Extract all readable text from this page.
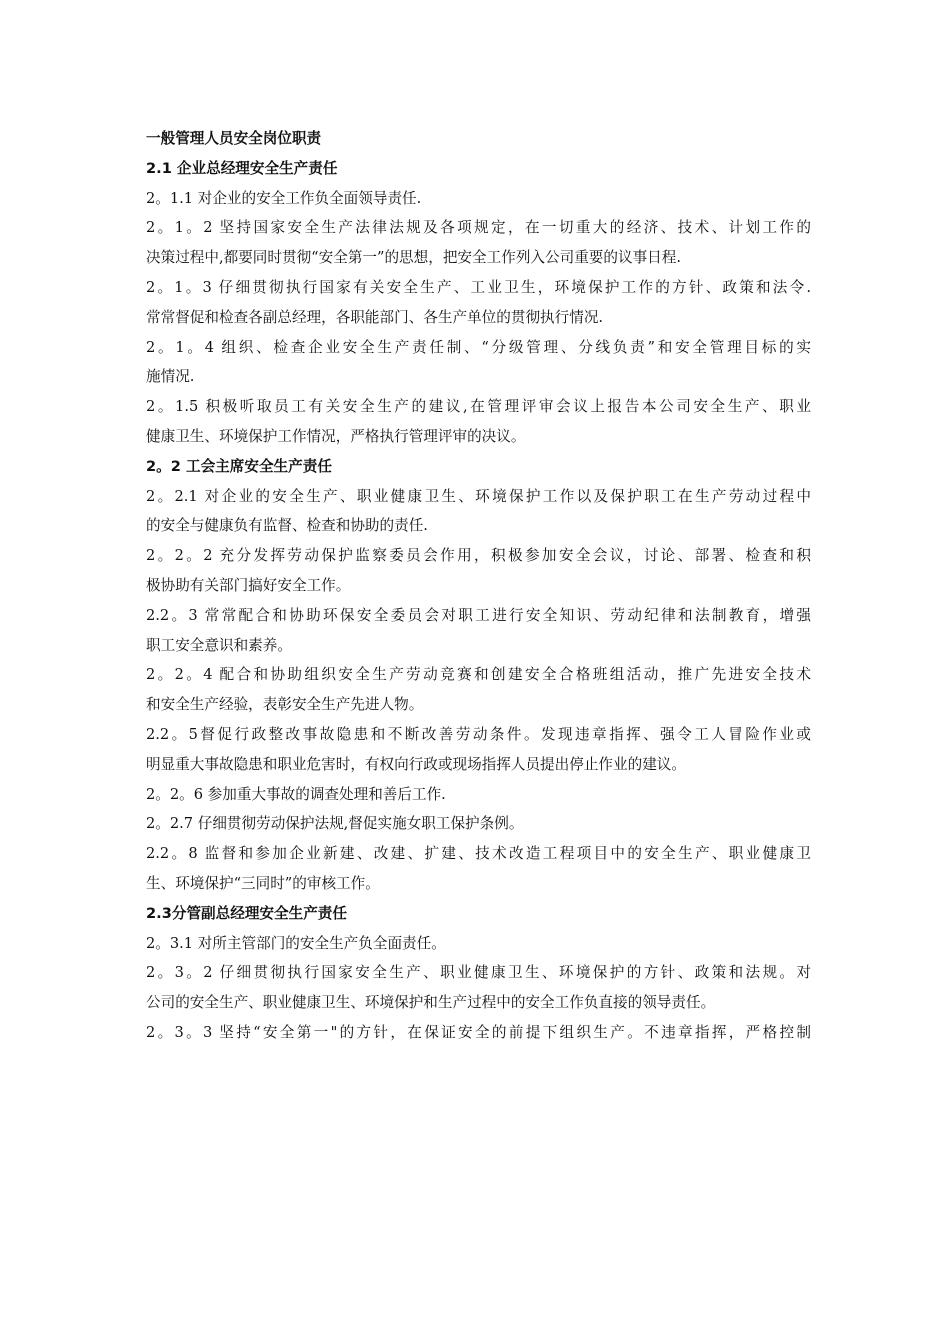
一般管理人员安全岗位职责
2.1 企业总经理安全生产责任
2。1.1 对企业的安全工作负全面领导责任.
2。1。2 坚持国家安全生产法律法规及各项规定，在一切重大的经济、技术、计划工作的
决策过程中,都要同时贯彻“安全第一”的思想，把安全工作列入公司重要的议事日程.
2。1。3 仔细贯彻执行国家有关安全生产、工业卫生，环境保护工作的方针、政策和法令.
常常督促和检查各副总经理，各职能部门、各生产单位的贯彻执行情况.
2。1。4 组织、检查企业安全生产责任制、“分级管理、分线负责”和安全管理目标的实
施情况.
2。1.5 积极听取员工有关安全生产的建议,在管理评审会议上报告本公司安全生产、职业
健康卫生、环境保护工作情况，严格执行管理评审的决议。
2。2 工会主席安全生产责任
2。2.1 对企业的安全生产、职业健康卫生、环境保护工作以及保护职工在生产劳动过程中
的安全与健康负有监督、检查和协助的责任.
2。2。2 充分发挥劳动保护监察委员会作用，积极参加安全会议，讨论、部署、检查和积
极协助有关部门搞好安全工作。
2.2。3 常常配合和协助环保安全委员会对职工进行安全知识、劳动纪律和法制教育，增强
职工安全意识和素养。
2。2。4 配合和协助组织安全生产劳动竞赛和创建安全合格班组活动，推广先进安全技术
和安全生产经验，表彰安全生产先进人物。
2.2。5督促行政整改事故隐患和不断改善劳动条件。发现违章指挥、强令工人冒险作业或
明显重大事故隐患和职业危害时，有权向行政或现场指挥人员提出停止作业的建议。
2。2。6 参加重大事故的调查处理和善后工作.
2。2.7 仔细贯彻劳动保护法规,督促实施女职工保护条例。
2.2。8 监督和参加企业新建、改建、扩建、技术改造工程项目中的安全生产、职业健康卫
生、环境保护“三同时”的审核工作。
2.3分管副总经理安全生产责任
2。3.1 对所主管部门的安全生产负全面责任。
2。3。2 仔细贯彻执行国家安全生产、职业健康卫生、环境保护的方针、政策和法规。对
公司的安全生产、职业健康卫生、环境保护和生产过程中的安全工作负直接的领导责任。
2。3。3 坚持“安全第一"的方针，在保证安全的前提下组织生产。不违章指挥，严格控制
